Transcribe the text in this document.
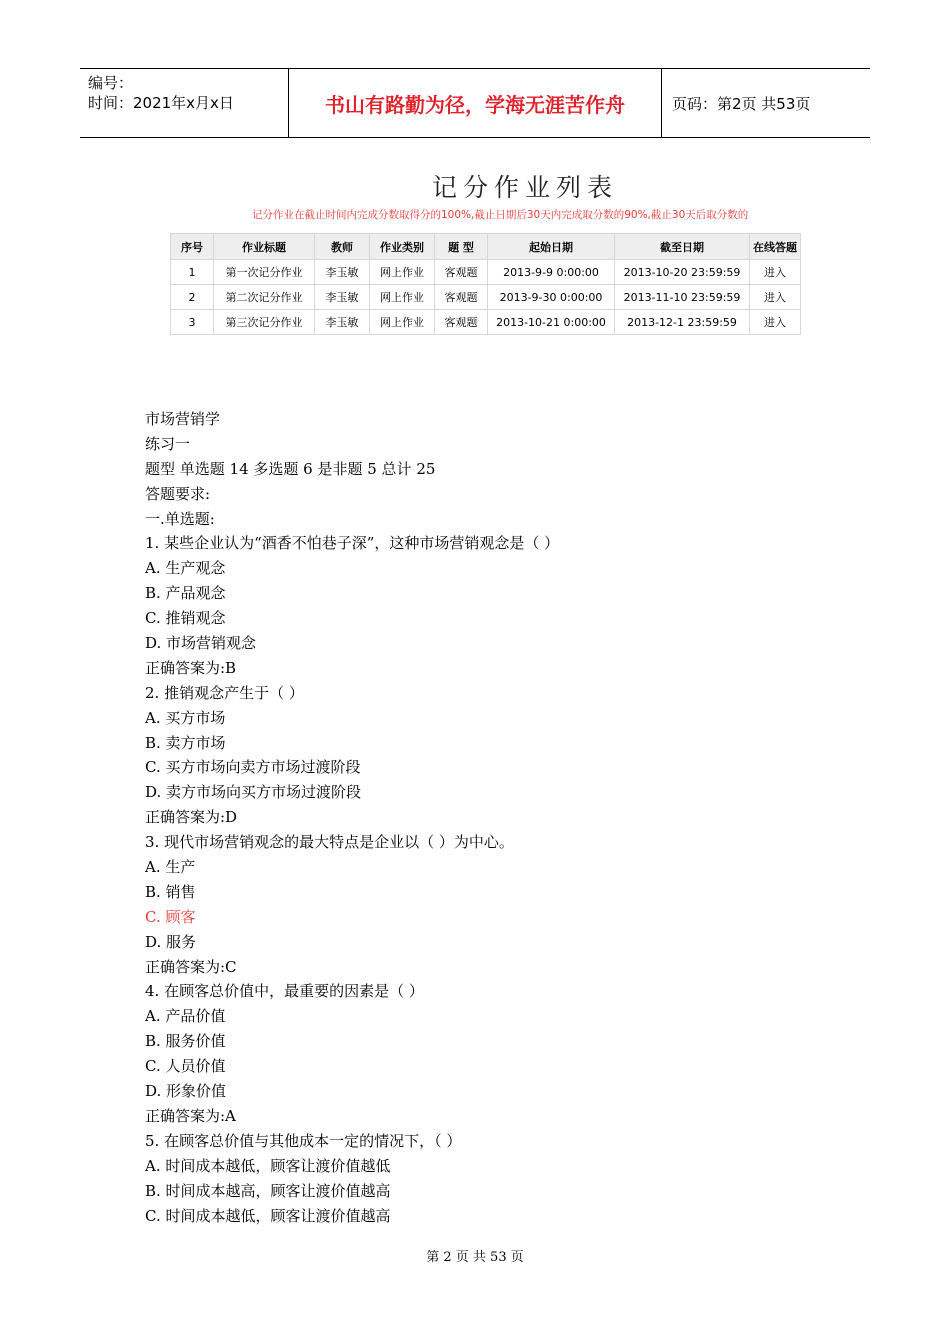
编号：
时间：2021年x月x日	书山有路勤为径，学海无涯苦作舟	页码：第2页 共53页
记分作业列表
记分作业在截止时间内完成分数取得分的100%,截止日期后30天内完成取分数的90%,截止30天后取分数的
序号	作业标题	教师	作业类别	题 型	起始日期	截至日期	在线答题
1	第一次记分作业	李玉敏	网上作业	客观题	2013-9-9 0:00:00	2013-10-20 23:59:59	进入
2	第二次记分作业	李玉敏	网上作业	客观题	2013-9-30 0:00:00	2013-11-10 23:59:59	进入
3	第三次记分作业	李玉敏	网上作业	客观题	2013-10-21 0:00:00	2013-12-1 23:59:59	进入
市场营销学
练习一
题型 单选题 14 多选题 6 是非题 5 总计 25
答题要求:
一.单选题:
1. 某些企业认为“酒香不怕巷子深”，这种市场营销观念是（ ）
A. 生产观念
B. 产品观念
C. 推销观念
D. 市场营销观念
正确答案为:B
2. 推销观念产生于（ ）
A. 买方市场
B. 卖方市场
C. 买方市场向卖方市场过渡阶段
D. 卖方市场向买方市场过渡阶段
正确答案为:D
3. 现代市场营销观念的最大特点是企业以（ ）为中心。
A. 生产
B. 销售
C. 顾客
D. 服务
正确答案为:C
4. 在顾客总价值中，最重要的因素是（ ）
A. 产品价值
B. 服务价值
C. 人员价值
D. 形象价值
正确答案为:A
5. 在顾客总价值与其他成本一定的情况下，（ ）
A. 时间成本越低，顾客让渡价值越低
B. 时间成本越高，顾客让渡价值越高
C. 时间成本越低，顾客让渡价值越高
第 2 页 共 53 页
